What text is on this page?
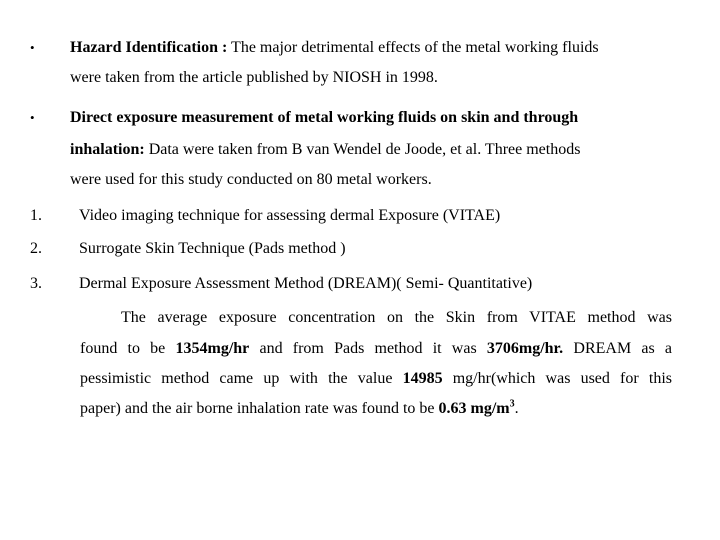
• Hazard Identification : The major detrimental effects of the metal working fluids
were taken from the article published by NIOSH in 1998.
• Direct exposure measurement of metal working fluids on skin and through
inhalation: Data were taken from B van Wendel de Joode, et al. Three methods
were used for this study conducted on 80 metal workers.
1. Video imaging technique for assessing dermal Exposure (VITAE)
2. Surrogate Skin Technique (Pads method )
3. Dermal Exposure Assessment Method (DREAM)( Semi- Quantitative)
The average exposure concentration on the Skin from VITAE method was
found to be 1354mg/hr and from Pads method it was 3706mg/hr. DREAM as a
pessimistic method came up with the value 14985 mg/hr(which was used for this
paper) and the air borne inhalation rate was found to be 0.63 $mg/m^3$.
